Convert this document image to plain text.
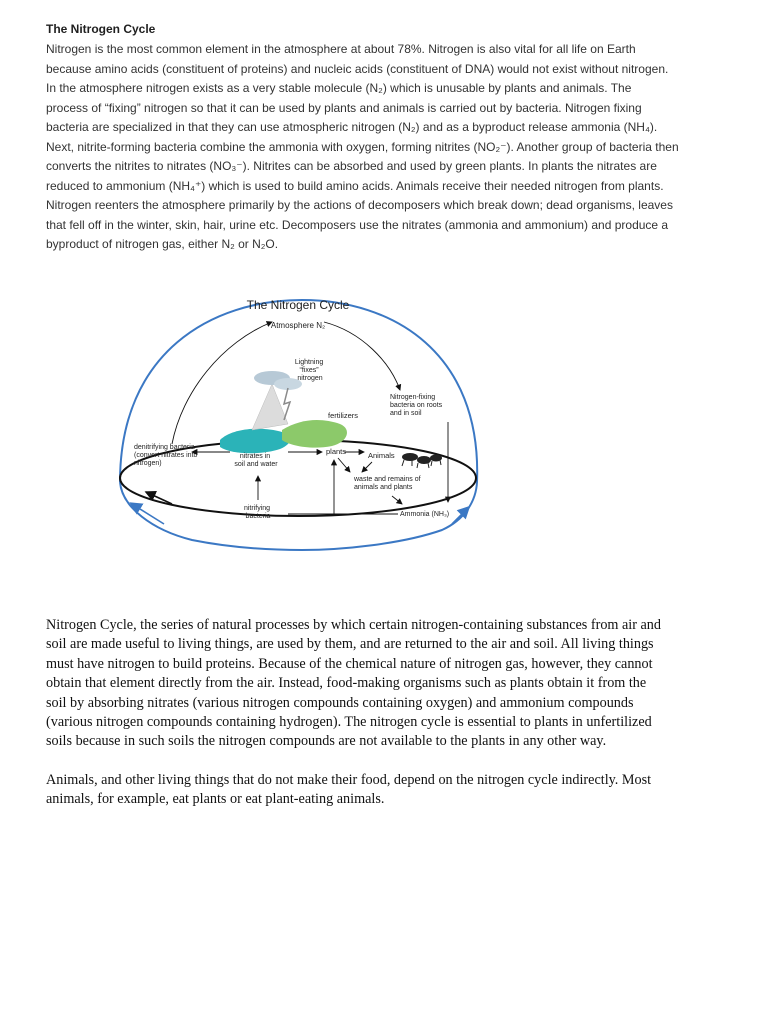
The Nitrogen Cycle

Nitrogen is the most common element in the atmosphere at about 78%. Nitrogen is also vital for all life on Earth
because amino acids (constituent of proteins) and nucleic acids (constituent of DNA) would not exist without nitrogen.
In the atmosphere nitrogen exists as a very stable molecule (N₂) which is unusable by plants and animals. The
process of “fixing” nitrogen so that it can be used by plants and animals is carried out by bacteria. Nitrogen fixing
bacteria are specialized in that they can use atmospheric nitrogen (N₂) and as a byproduct release ammonia (NH₄).
Next, nitrite-forming bacteria combine the ammonia with oxygen, forming nitrites (NO₂⁻). Another group of bacteria then
converts the nitrites to nitrates (NO₃⁻). Nitrites can be absorbed and used by green plants. In plants the nitrates are
reduced to ammonium (NH₄⁺) which is used to build amino acids. Animals receive their needed nitrogen from plants.
Nitrogen reenters the atmosphere primarily by the actions of decomposers which break down; dead organisms, leaves
that fell off in the winter, skin, hair, urine etc. Decomposers use the nitrates (ammonia and ammonium) and produce a
byproduct of nitrogen gas, either N₂ or N₂O.

The Nitrogen Cycle
Atmosphere N₂
Lightning “fixes” nitrogen
fertilizers
Nitrogen-fixing bacteria on roots and in soil
denitrifying bacteria (convert nitrates into nitrogen)
nitrates in soil and water
plants	Animals
waste and remains of animals and plants
nitrifying bacteria	Ammonia (NH₃)

Nitrogen Cycle, the series of natural processes by which certain nitrogen-containing substances from air and
soil are made useful to living things, are used by them, and are returned to the air and soil. All living things
must have nitrogen to build proteins. Because of the chemical nature of nitrogen gas, however, they cannot
obtain that element directly from the air. Instead, food-making organisms such as plants obtain it from the
soil by absorbing nitrates (various nitrogen compounds containing oxygen) and ammonium compounds
(various nitrogen compounds containing hydrogen). The nitrogen cycle is essential to plants in unfertilized
soils because in such soils the nitrogen compounds are not available to the plants in any other way.

Animals, and other living things that do not make their food, depend on the nitrogen cycle indirectly. Most
animals, for example, eat plants or eat plant-eating animals.
